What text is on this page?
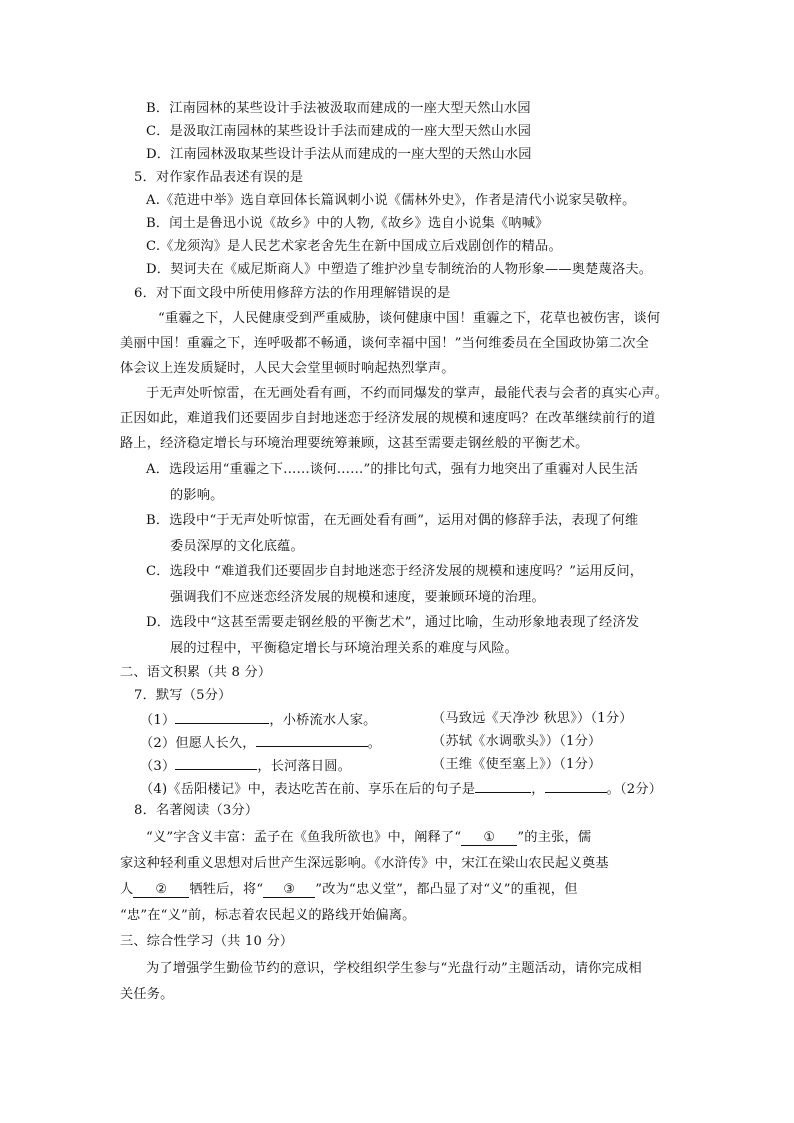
B．江南园林的某些设计手法被汲取而建成的一座大型天然山水园
C．是汲取江南园林的某些设计手法而建成的一座大型天然山水园
D．江南园林汲取某些设计手法从而建成的一座大型的天然山水园
5．对作家作品表述有误的是
A.《范进中举》选自章回体长篇讽刺小说《儒林外史》，作者是清代小说家吴敬梓。
B．闰土是鲁迅小说《故乡》中的人物,《故乡》选自小说集《呐喊》
C.《龙须沟》是人民艺术家老舍先生在新中国成立后戏剧创作的精品。
D．契诃夫在《威尼斯商人》中塑造了维护沙皇专制统治的人物形象——奥楚蔑洛夫。
6．对下面文段中所使用修辞方法的作用理解错误的是
“重霾之下，人民健康受到严重威胁，谈何健康中国！重霾之下，花草也被伤害，谈何
美丽中国！重霾之下，连呼吸都不畅通，谈何幸福中国！”当何维委员在全国政协第二次全
体会议上连发质疑时，人民大会堂里顿时响起热烈掌声。
于无声处听惊雷，在无画处看有画，不约而同爆发的掌声，最能代表与会者的真实心声。
正因如此，难道我们还要固步自封地迷恋于经济发展的规模和速度吗？在改革继续前行的道
路上，经济稳定增长与环境治理要统筹兼顾，这甚至需要走钢丝般的平衡艺术。
A．选段运用“重霾之下……谈何……”的排比句式，强有力地突出了重霾对人民生活
的影响。
B．选段中“于无声处听惊雷，在无画处看有画”，运用对偶的修辞手法，表现了何维
委员深厚的文化底蕴。
C．选段中 “难道我们还要固步自封地迷恋于经济发展的规模和速度吗？”运用反问，
强调我们不应迷恋经济发展的规模和速度，要兼顾环境的治理。
D．选段中“这甚至需要走钢丝般的平衡艺术”，通过比喻，生动形象地表现了经济发
展的过程中，平衡稳定增长与环境治理关系的难度与风险。
二、语文积累（共 8 分）
7．默写（5分）
（1）	，小桥流水人家。	（马致远《天净沙 秋思》）（1分）
（2）但愿人长久，	。	（苏轼《水调歌头》）（1分）
（3）	，长河落日圆。	（王维《使至塞上》）（1分）
（4)《岳阳楼记》中，表达吃苦在前、享乐在后的句子是	，	。（2分）
8．名著阅读（3分）
“义”字含义丰富：孟子在《鱼我所欲也》中，阐释了“ ① ”的主张，儒
家这种轻利重义思想对后世产生深远影响。《水浒传》中，宋江在梁山农民起义奠基
人 ② 牺牲后，将“ ③ ”改为“忠义堂”，都凸显了对“义”的重视，但
“忠”在“义”前，标志着农民起义的路线开始偏离。
三、综合性学习（共 10 分）
为了增强学生勤俭节约的意识，学校组织学生参与“光盘行动”主题活动，请你完成相
关任务。
